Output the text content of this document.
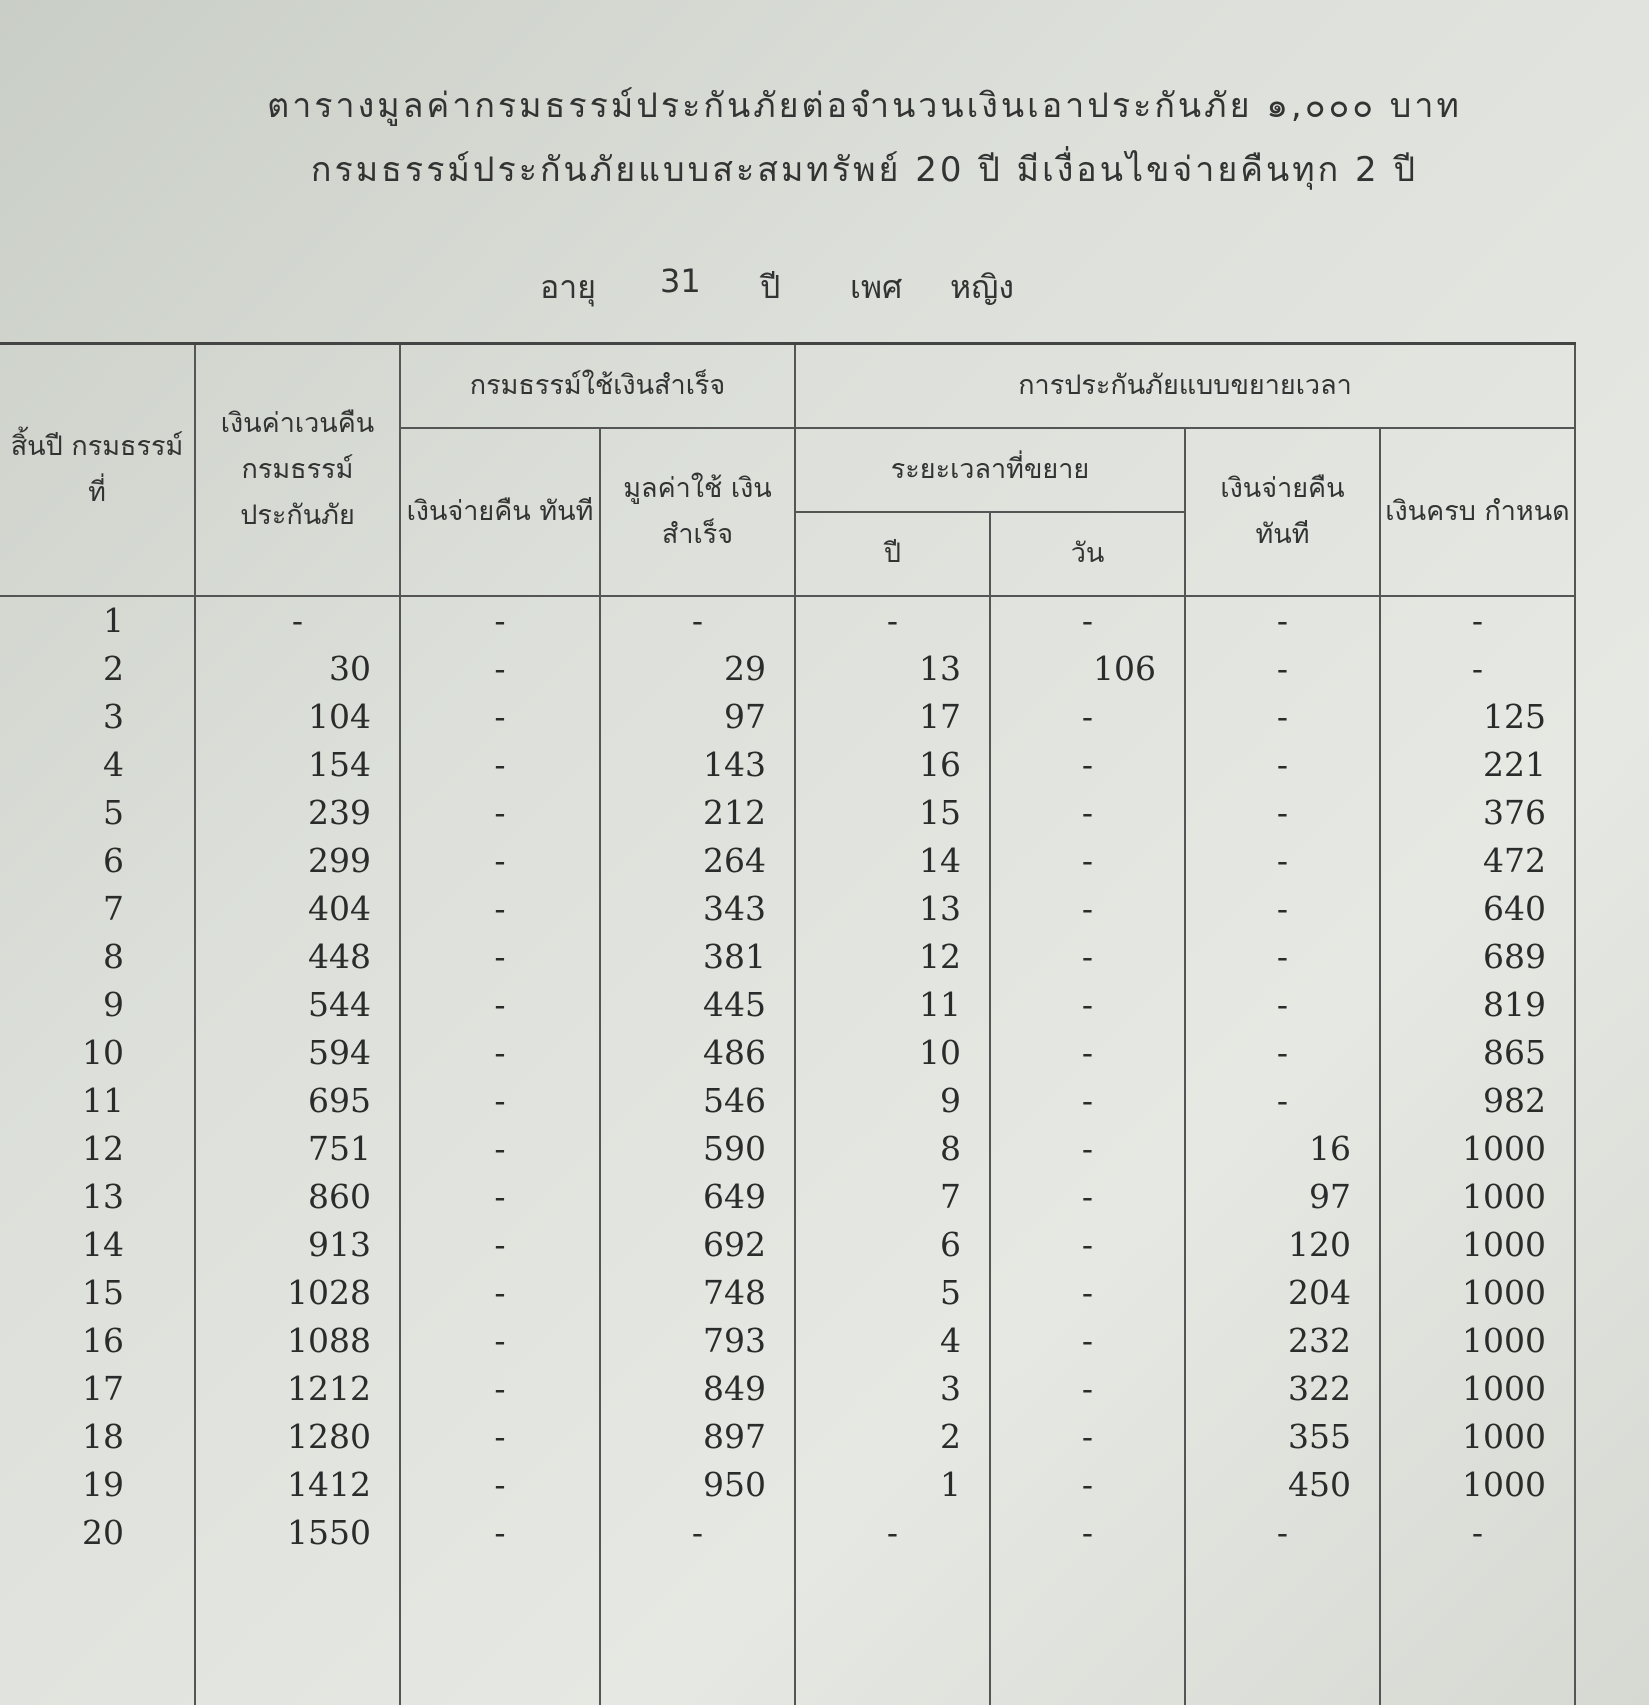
ตารางมูลค่ากรมธรรม์ประกันภัยต่อจำนวนเงินเอาประกันภัย ๑,๐๐๐ บาท
กรมธรรม์ประกันภัยแบบสะสมทรัพย์ 20 ปี มีเงื่อนไขจ่ายคืนทุก 2 ปี
อายุ	31	ปี	เพศ	หญิง
สิ้นปี กรมธรรม์ ที่	เงินค่าเวนคืน กรมธรรม์ ประกันภัย	กรมธรรม์ใช้เงินสำเร็จ		การประกันภัยแบบขยายเวลา			
		เงินจ่ายคืน ทันที	มูลค่าใช้ เงินสำเร็จ	ระยะเวลาที่ขยาย		เงินจ่ายคืน ทันที	เงินครบ กำหนด
				ปี	วัน		
1	-	-	-	-	-	-	-
2	30	-	29	13	106	-	-
3	104	-	97	17	-	-	125
4	154	-	143	16	-	-	221
5	239	-	212	15	-	-	376
6	299	-	264	14	-	-	472
7	404	-	343	13	-	-	640
8	448	-	381	12	-	-	689
9	544	-	445	11	-	-	819
10	594	-	486	10	-	-	865
11	695	-	546	9	-	-	982
12	751	-	590	8	-	16	1000
13	860	-	649	7	-	97	1000
14	913	-	692	6	-	120	1000
15	1028	-	748	5	-	204	1000
16	1088	-	793	4	-	232	1000
17	1212	-	849	3	-	322	1000
18	1280	-	897	2	-	355	1000
19	1412	-	950	1	-	450	1000
20	1550	-	-	-	-	-	-
